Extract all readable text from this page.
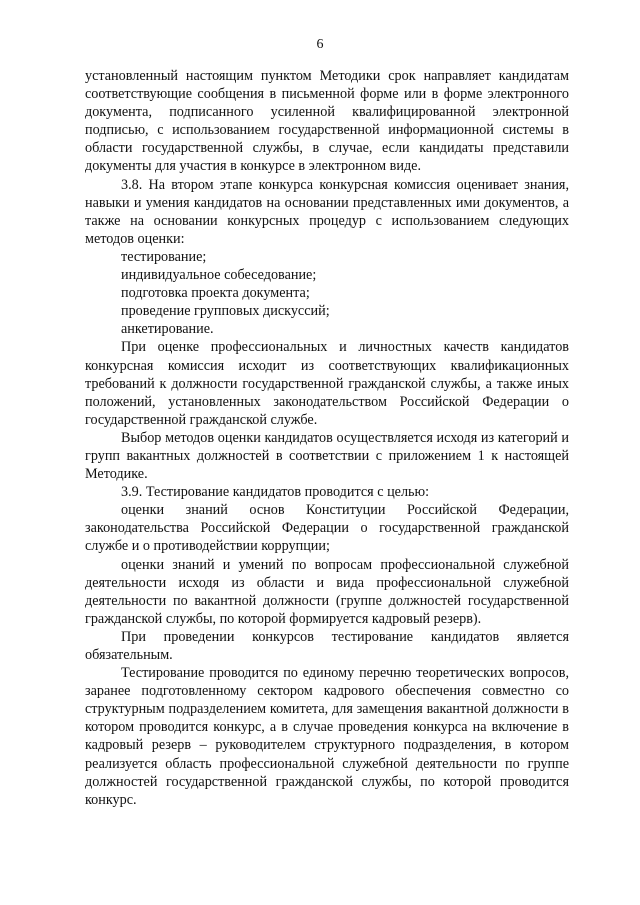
6

установленный настоящим пунктом Методики срок направляет кандидатам соответствующие сообщения в письменной форме или в форме электронного документа, подписанного усиленной квалифицированной электронной подписью, с использованием государственной информационной системы в области государственной службы, в случае, если кандидаты представили документы для участия в конкурсе в электронном виде.

3.8. На втором этапе конкурса конкурсная комиссия оценивает знания, навыки и умения кандидатов на основании представленных ими документов, а также на основании конкурсных процедур с использованием следующих методов оценки:

тестирование;

индивидуальное собеседование;

подготовка проекта документа;

проведение групповых дискуссий;

анкетирование.

При оценке профессиональных и личностных качеств кандидатов конкурсная комиссия исходит из соответствующих квалификационных требований к должности государственной гражданской службы, а также иных положений, установленных законодательством Российской Федерации о государственной гражданской службе.

Выбор методов оценки кандидатов осуществляется исходя из категорий и групп вакантных должностей в соответствии с приложением 1 к настоящей Методике.

3.9. Тестирование кандидатов проводится с целью:

оценки знаний основ Конституции Российской Федерации, законодательства Российской Федерации о государственной гражданской службе и о противодействии коррупции;

оценки знаний и умений по вопросам профессиональной служебной деятельности исходя из области и вида профессиональной служебной деятельности по вакантной должности (группе должностей государственной гражданской службы, по которой формируется кадровый резерв).

При проведении конкурсов тестирование кандидатов является обязательным.

Тестирование проводится по единому перечню теоретических вопросов, заранее подготовленному сектором кадрового обеспечения совместно со структурным подразделением комитета, для замещения вакантной должности в котором проводится конкурс, а в случае проведения конкурса на включение в кадровый резерв – руководителем структурного подразделения, в котором реализуется область профессиональной служебной деятельности по группе должностей государственной гражданской службы, по которой проводится конкурс.
